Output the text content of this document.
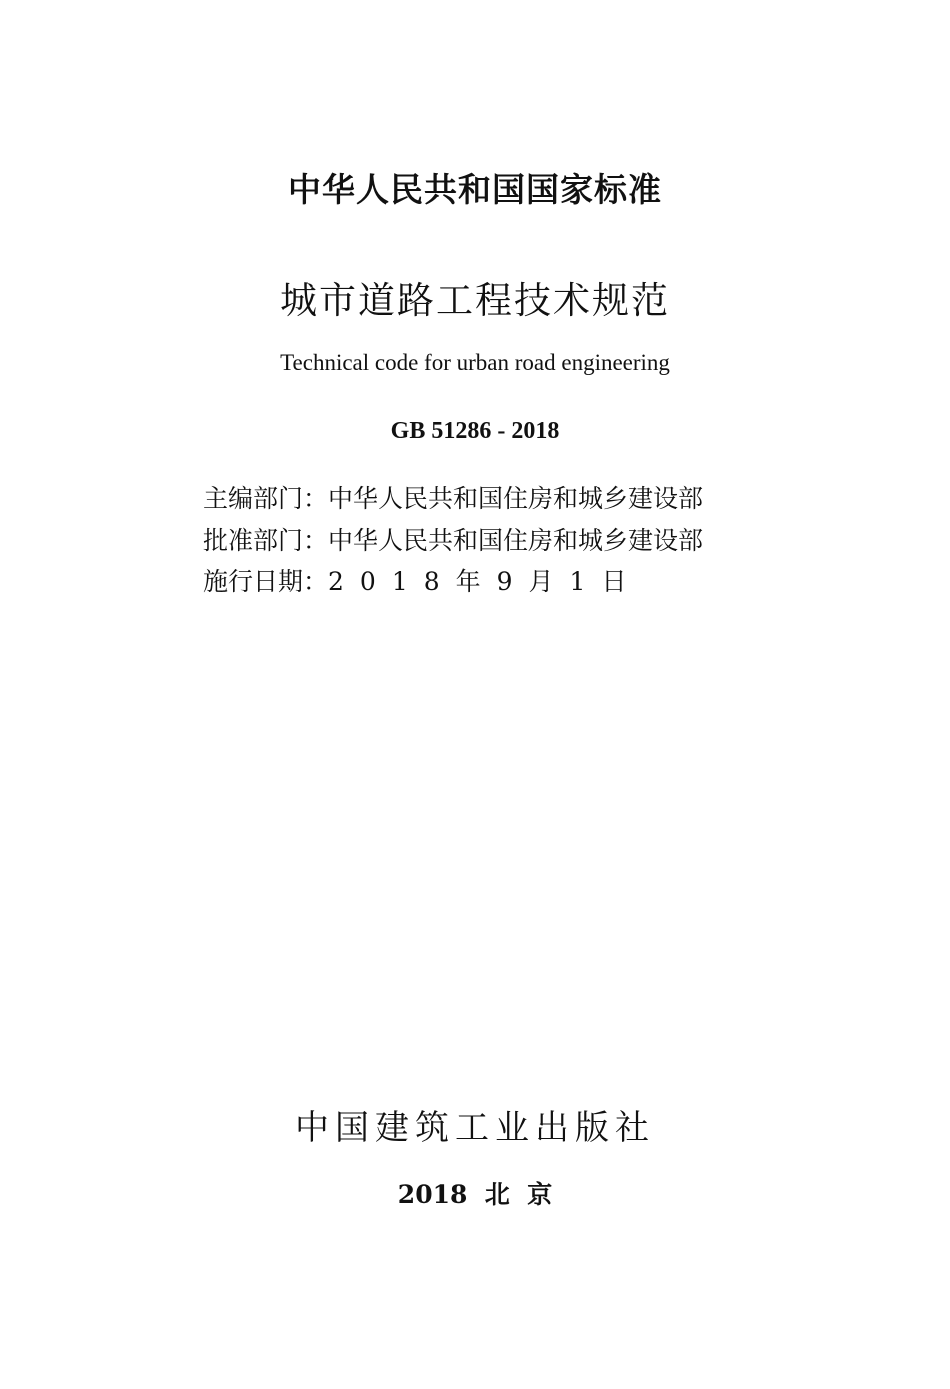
中华人民共和国国家标准
城市道路工程技术规范
Technical code for urban road engineering
GB 51286 - 2018
主编部门：中华人民共和国住房和城乡建设部
批准部门：中华人民共和国住房和城乡建设部
施行日期：2018年9月1日
中国建筑工业出版社
2018  北  京
